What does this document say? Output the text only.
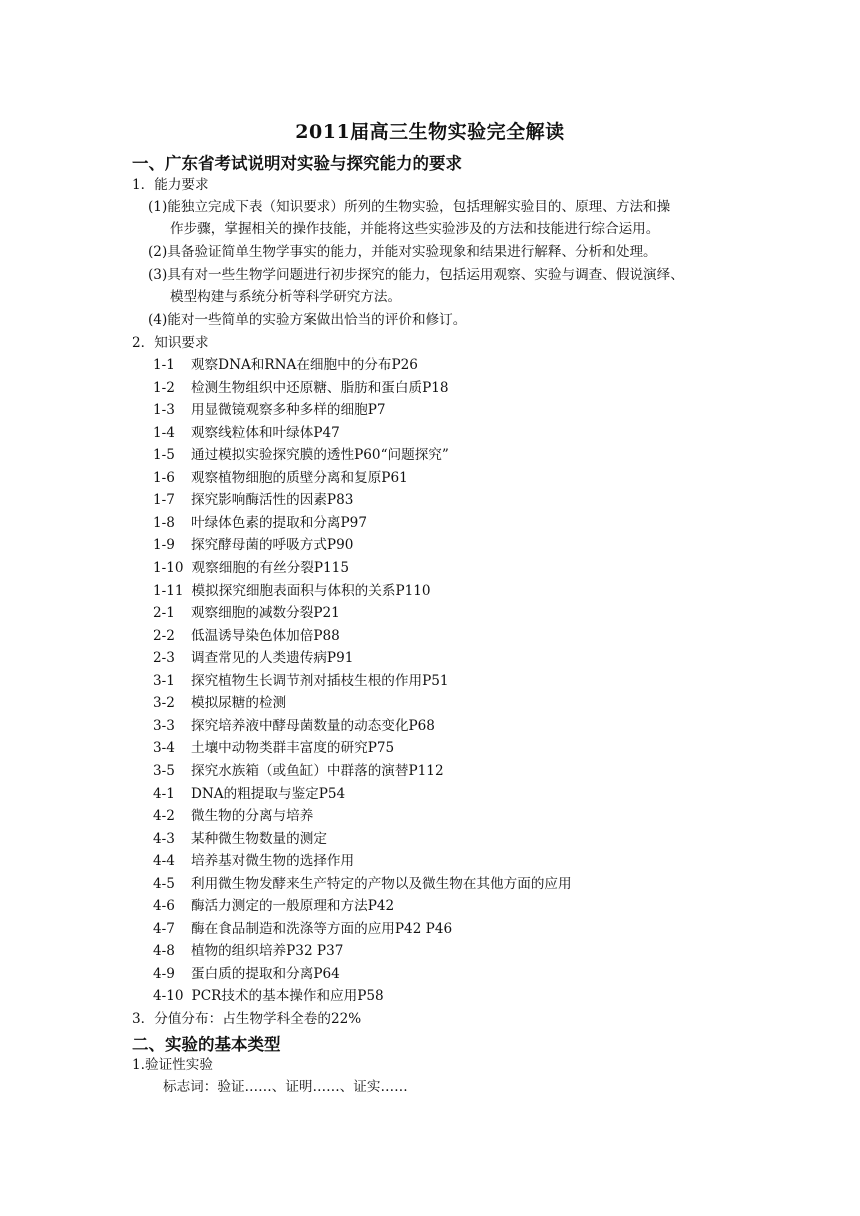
2011届高三生物实验完全解读
一、广东省考试说明对实验与探究能力的要求
1．能力要求
(1)能独立完成下表（知识要求）所列的生物实验，包括理解实验目的、原理、方法和操
作步骤，掌握相关的操作技能，并能将这些实验涉及的方法和技能进行综合运用。
(2)具备验证简单生物学事实的能力，并能对实验现象和结果进行解释、分析和处理。
(3)具有对一些生物学问题进行初步探究的能力，包括运用观察、实验与调查、假说演绎、
模型构建与系统分析等科学研究方法。
(4)能对一些简单的实验方案做出恰当的评价和修订。
2．知识要求
1-1 观察DNA和RNA在细胞中的分布P26
1-2 检测生物组织中还原糖、脂肪和蛋白质P18
1-3 用显微镜观察多种多样的细胞P7
1-4 观察线粒体和叶绿体P47
1-5 通过模拟实验探究膜的透性P60“问题探究”
1-6 观察植物细胞的质壁分离和复原P61
1-7 探究影响酶活性的因素P83
1-8 叶绿体色素的提取和分离P97
1-9 探究酵母菌的呼吸方式P90
1-10 观察细胞的有丝分裂P115
1-11 模拟探究细胞表面积与体积的关系P110
2-1 观察细胞的减数分裂P21
2-2 低温诱导染色体加倍P88
2-3 调查常见的人类遗传病P91
3-1 探究植物生长调节剂对插枝生根的作用P51
3-2 模拟尿糖的检测
3-3 探究培养液中酵母菌数量的动态变化P68
3-4 土壤中动物类群丰富度的研究P75
3-5 探究水族箱（或鱼缸）中群落的演替P112
4-1 DNA的粗提取与鉴定P54
4-2 微生物的分离与培养
4-3 某种微生物数量的测定
4-4 培养基对微生物的选择作用
4-5 利用微生物发酵来生产特定的产物以及微生物在其他方面的应用
4-6 酶活力测定的一般原理和方法P42
4-7 酶在食品制造和洗涤等方面的应用P42 P46
4-8 植物的组织培养P32 P37
4-9 蛋白质的提取和分离P64
4-10 PCR技术的基本操作和应用P58
3．分值分布：占生物学科全卷的22%
二、实验的基本类型
1.验证性实验
标志词：验证……、证明……、证实……
